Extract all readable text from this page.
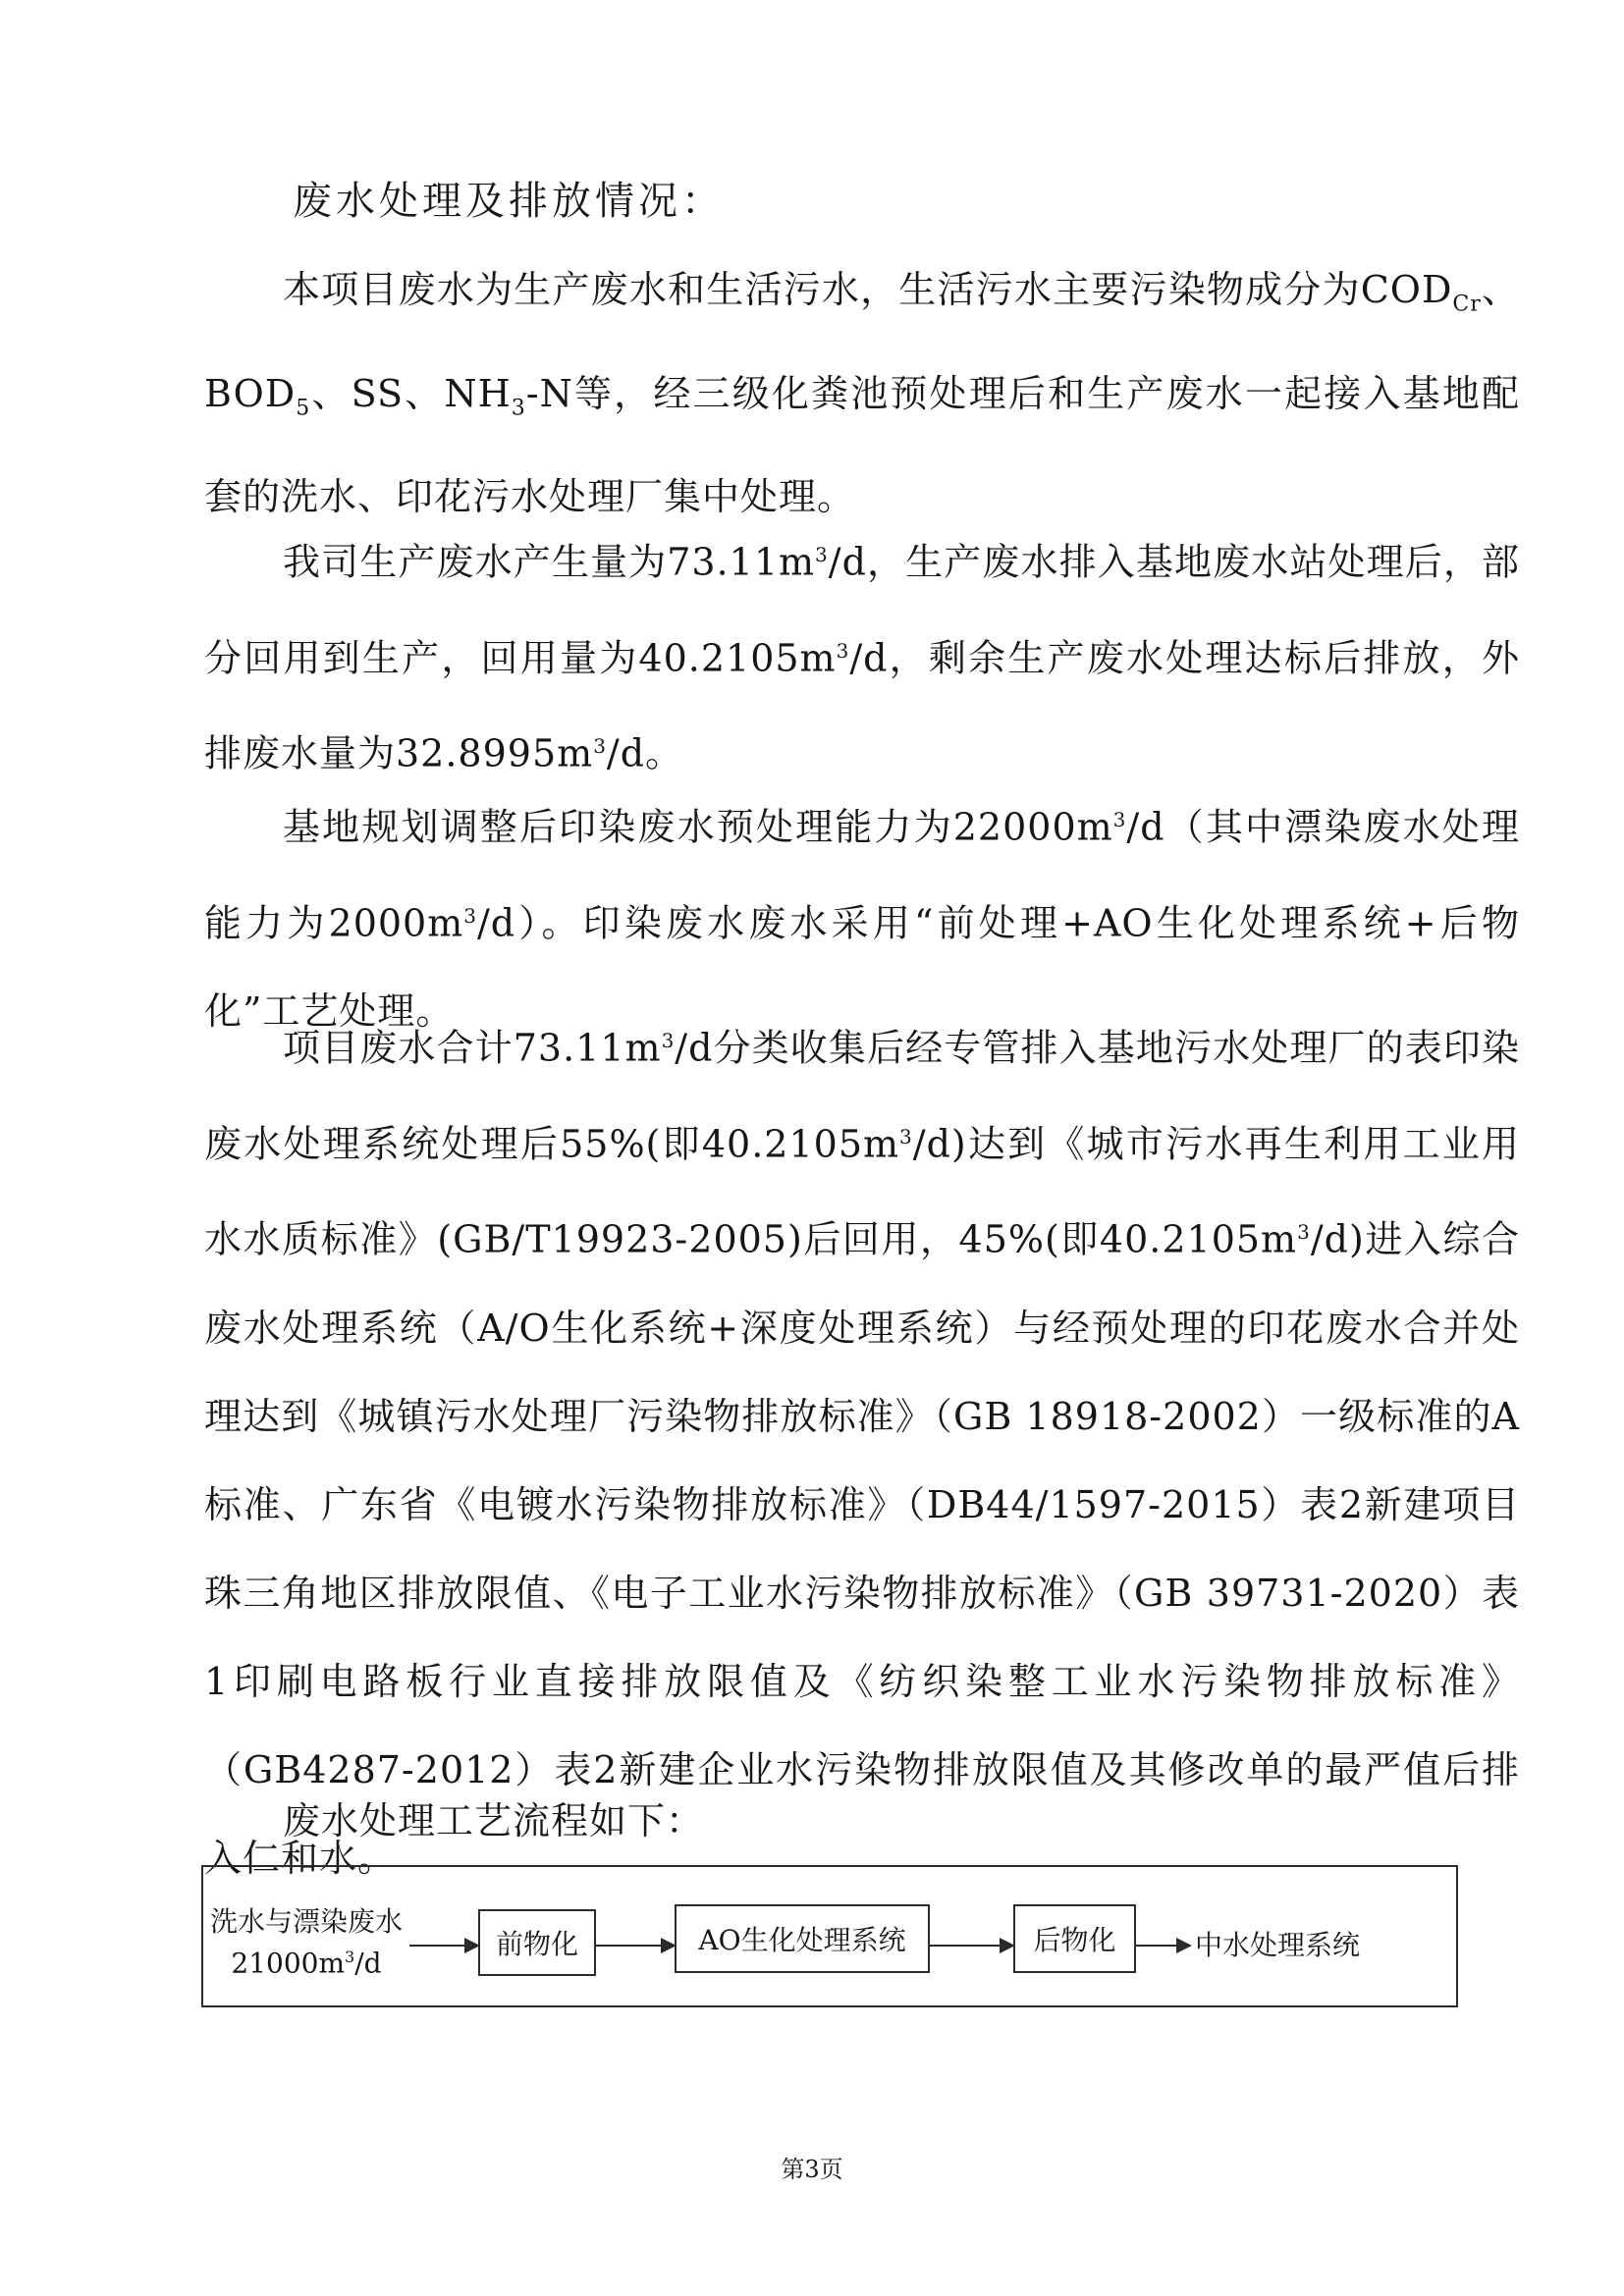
废水处理及排放情况：

本项目废水为生产废水和生活污水，生活污水主要污染物成分为$COD_{Cr}$、$BOD_5$、SS、$NH_3-N$等，经三级化粪池预处理后和生产废水一起接入基地配套的洗水、印花污水处理厂集中处理。

我司生产废水产生量为$73.11m^3/d$，生产废水排入基地废水站处理后，部分回用到生产，回用量为$40.2105m^3/d$，剩余生产废水处理达标后排放，外排废水量为$32.8995m^3/d$。

基地规划调整后印染废水预处理能力为$22000m^3/d$（其中漂染废水处理能力为$2000m^3/d$）。印染废水废水采用“前处理+AO生化处理系统+后物化”工艺处理。

项目废水合计$73.11m^3/d$分类收集后经专管排入基地污水处理厂的表印染废水处理系统处理后55%(即$40.2105m^3/d$)达到《城市污水再生利用工业用水水质标准》(GB/T19923-2005)后回用，45%(即$40.2105m^3/d$)进入综合废水处理系统（A/O生化系统+深度处理系统）与经预处理的印花废水合并处理达到《城镇污水处理厂污染物排放标准》（GB 18918-2002）一级标准的A标准、广东省《电镀水污染物排放标准》（DB44/1597-2015）表2新建项目珠三角地区排放限值、《电子工业水污染物排放标准》（GB 39731-2020）表1印刷电路板行业直接排放限值及《纺织染整工业水污染物排放标准》（GB4287-2012）表2新建企业水污染物排放限值及其修改单的最严值后排入仁和水。

废水处理工艺流程如下：

洗水与漂染废水
$21000m^3/d$
前物化	AO生化处理系统	后物化	中水处理系统
第3页
